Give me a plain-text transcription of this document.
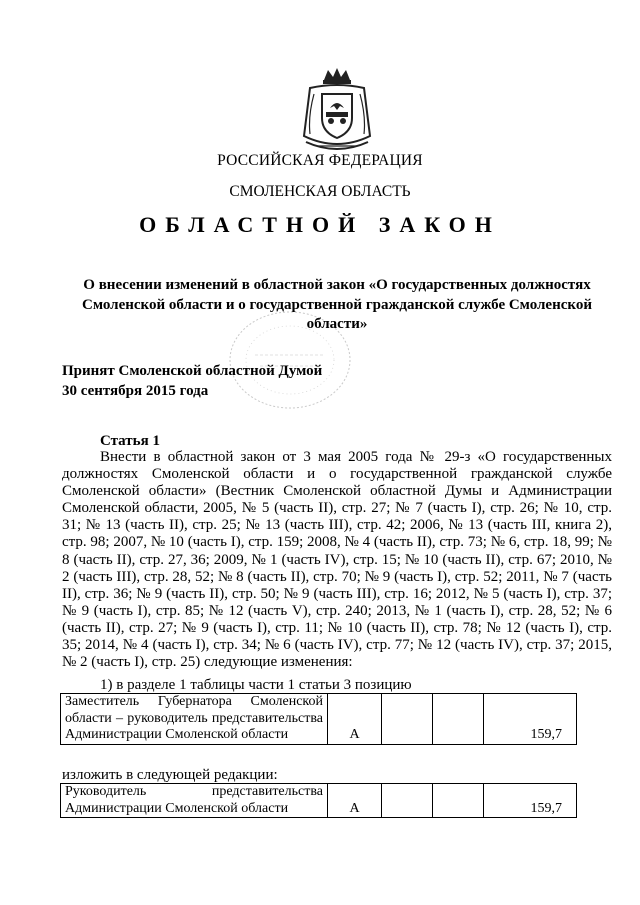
РОССИЙСКАЯ ФЕДЕРАЦИЯ
СМОЛЕНСКАЯ ОБЛАСТЬ
ОБЛАСТНОЙ ЗАКОН
О внесении изменений в областной закон «О государственных должностях Смоленской области и о государственной гражданской службе Смоленской области»
Принят Смоленской областной Думой
30 сентября 2015 года
Статья 1
Внести в областной закон от 3 мая 2005 года № 29-з «О государственных должностях Смоленской области и о государственной гражданской службе Смоленской области» (Вестник Смоленской областной Думы и Администрации Смоленской области, 2005, № 5 (часть II), стр. 27; № 7 (часть I), стр. 26; № 10, стр. 31; № 13 (часть II), стр. 25; № 13 (часть III), стр. 42; 2006, № 13 (часть III, книга 2), стр. 98; 2007, № 10 (часть I), стр. 159; 2008, № 4 (часть II), стр. 73; № 6, стр. 18, 99; № 8 (часть II), стр. 27, 36; 2009, № 1 (часть IV), стр. 15; № 10 (часть II), стр. 67; 2010, № 2 (часть III), стр. 28, 52; № 8 (часть II), стр. 70; № 9 (часть I), стр. 52; 2011, № 7 (часть II), стр. 36; № 9 (часть II), стр. 50; № 9 (часть III), стр. 16; 2012, № 5 (часть I), стр. 37; № 9 (часть I), стр. 85; № 12 (часть V), стр. 240; 2013, № 1 (часть I), стр. 28, 52; № 6 (часть II), стр. 27; № 9 (часть I), стр. 11; № 10 (часть II), стр. 78; № 12 (часть I), стр. 35; 2014, № 4 (часть I), стр. 34; № 6 (часть IV), стр. 77; № 12 (часть IV), стр. 37; 2015, № 2 (часть I), стр. 25) следующие изменения:
1) в разделе 1 таблицы части 1 статьи 3 позицию
Заместитель Губернатора Смоленской области – руководитель представительства Администрации Смоленской области	А			159,7
изложить в следующей редакции:
Руководитель представительства Администрации Смоленской области	А			159,7
